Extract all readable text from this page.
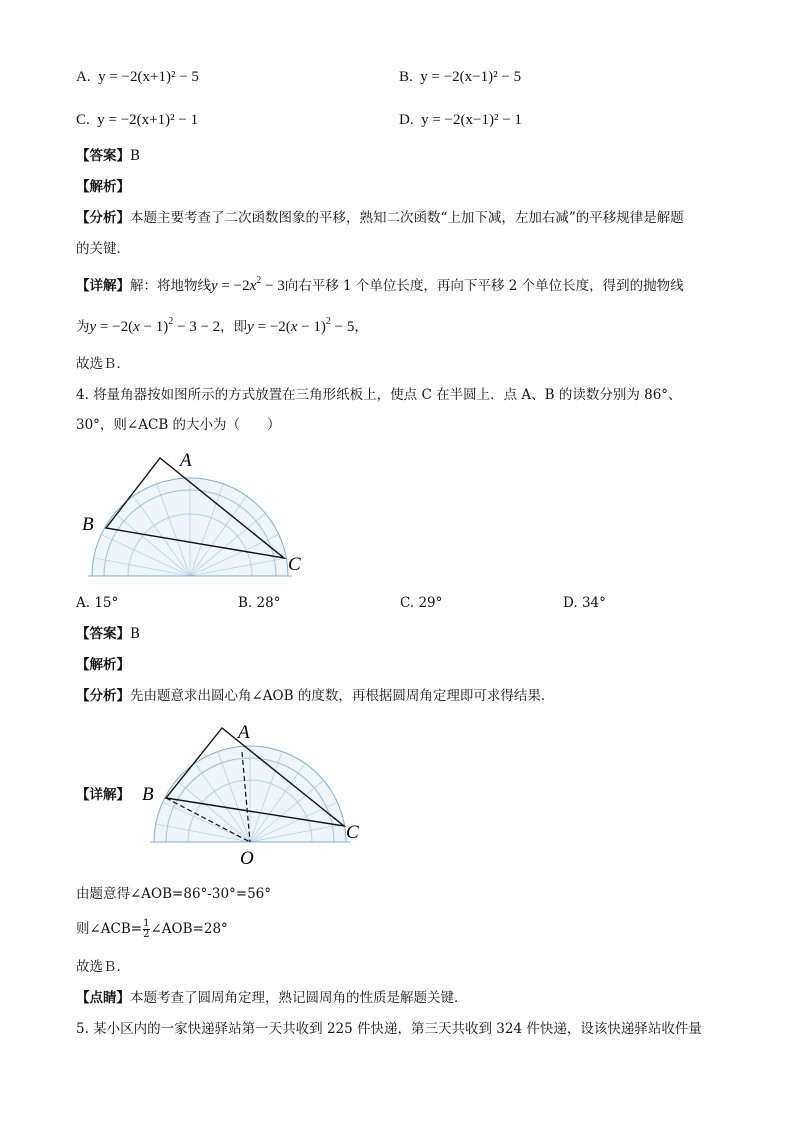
A. y = −2(x+1)² − 5	B. y = −2(x−1)² − 5
C. y = −2(x+1)² − 1	D. y = −2(x−1)² − 1
【答案】B
【解析】
【分析】本题主要考查了二次函数图象的平移，熟知二次函数“上加下减，左加右减”的平移规律是解题
的关键．
【详解】解：将地物线$y = -2x^2 - 3$向右平移 1 个单位长度，再向下平移 2 个单位长度，得到的抛物线
为$y = -2(x - 1)^2 - 3 - 2$，即$y = -2(x - 1)^2 - 5$，
故选Ｂ．
4. 将量角器按如图所示的方式放置在三角形纸板上，使点 C 在半圆上．点 A、B 的读数分别为 86°、
30°，则∠ACB 的大小为（　　）
A
B
C
A. 15°	B. 28°	C. 29°	D. 34°
【答案】B
【解析】
【分析】先由题意求出圆心角∠AOB 的度数，再根据圆周角定理即可求得结果．
【详解】
A
B
C
O
由题意得∠AOB=86°-30°=56°
则∠ACB= $\frac{1}{2}$ ∠AOB=28°
故选Ｂ．
【点睛】本题考查了圆周角定理，熟记圆周角的性质是解题关键．
5. 某小区内的一家快递驿站第一天共收到 225 件快递，第三天共收到 324 件快递，设该快递驿站收件量
